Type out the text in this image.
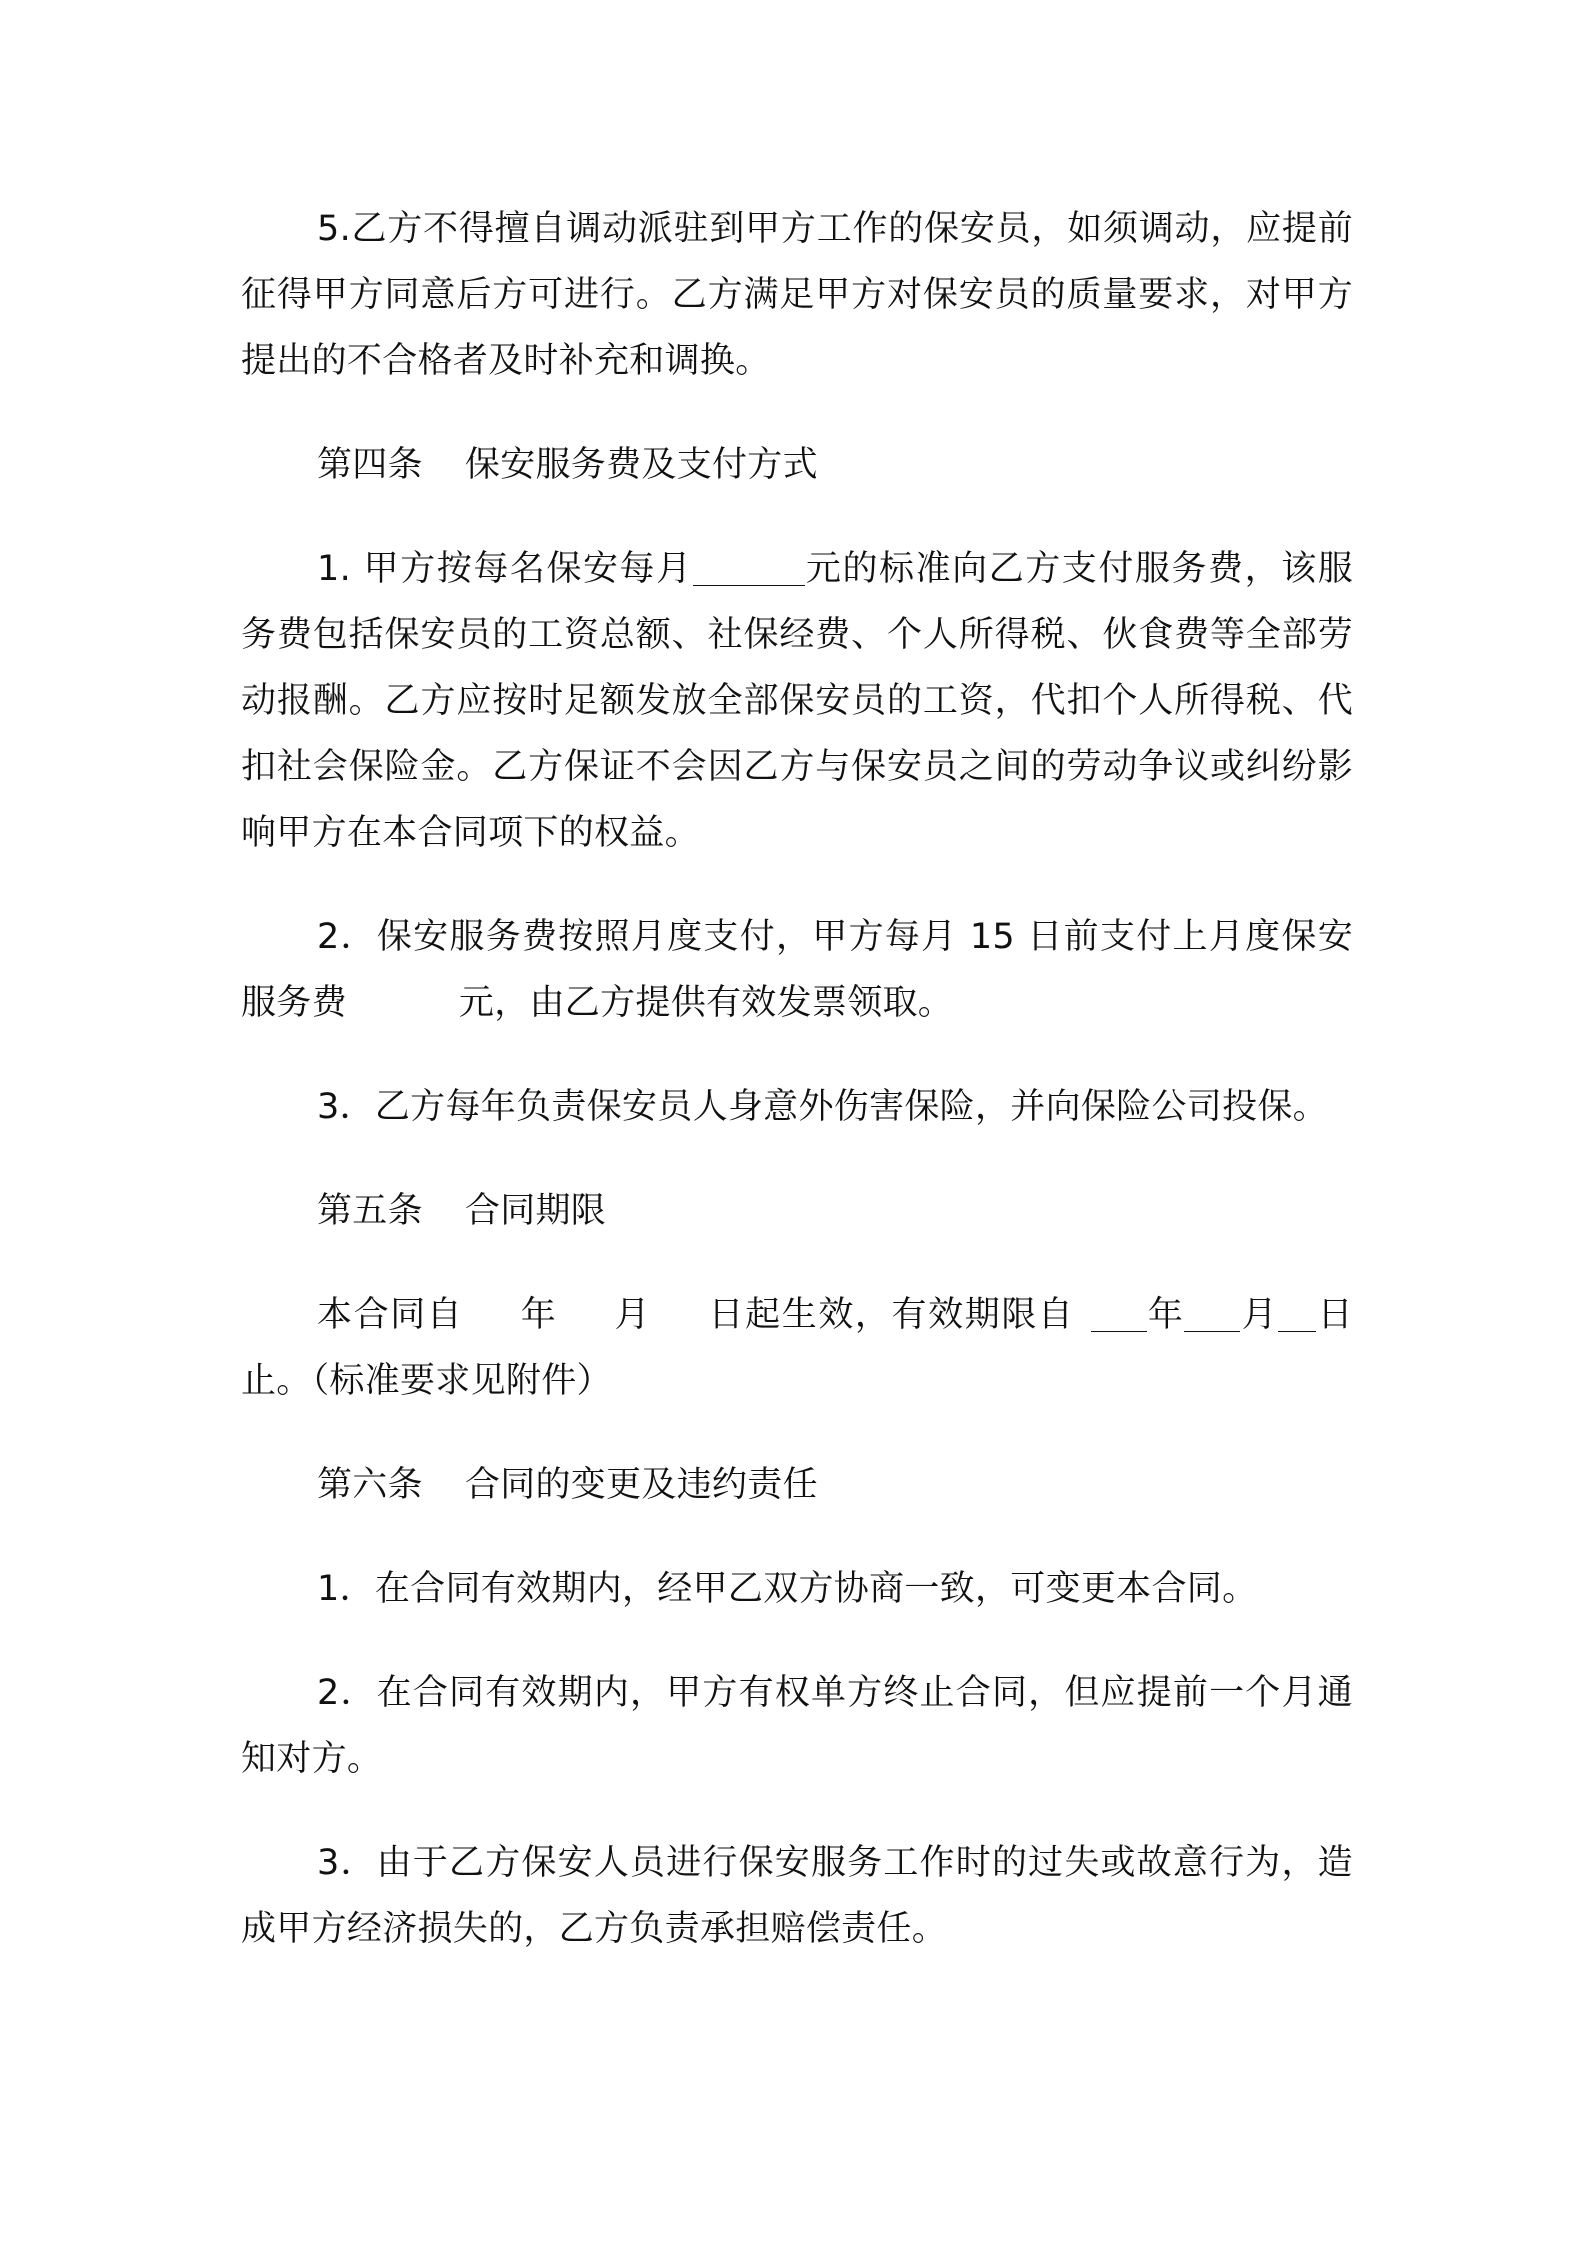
5.乙方不得擅自调动派驻到甲方工作的保安员，如须调动，应提前征得甲方同意后方可进行。乙方满足甲方对保安员的质量要求，对甲方提出的不合格者及时补充和调换。

第四条 保安服务费及支付方式

1. 甲方按每名保安每月	元的标准向乙方支付服务费，该服务费包括保安员的工资总额、社保经费、个人所得税、伙食费等全部劳动报酬。乙方应按时足额发放全部保安员的工资，代扣个人所得税、代扣社会保险金。乙方保证不会因乙方与保安员之间的劳动争议或纠纷影响甲方在本合同项下的权益。

2．保安服务费按照月度支付，甲方每月 15 日前支付上月度保安服务费	元，由乙方提供有效发票领取。

3．乙方每年负责保安员人身意外伤害保险，并向保险公司投保。

第五条 合同期限

本合同自 年 月 日起生效，有效期限自 年 月 日止。（标准要求见附件）

第六条 合同的变更及违约责任

1．在合同有效期内，经甲乙双方协商一致，可变更本合同。

2．在合同有效期内，甲方有权单方终止合同，但应提前一个月通知对方。

3．由于乙方保安人员进行保安服务工作时的过失或故意行为，造成甲方经济损失的，乙方负责承担赔偿责任。
